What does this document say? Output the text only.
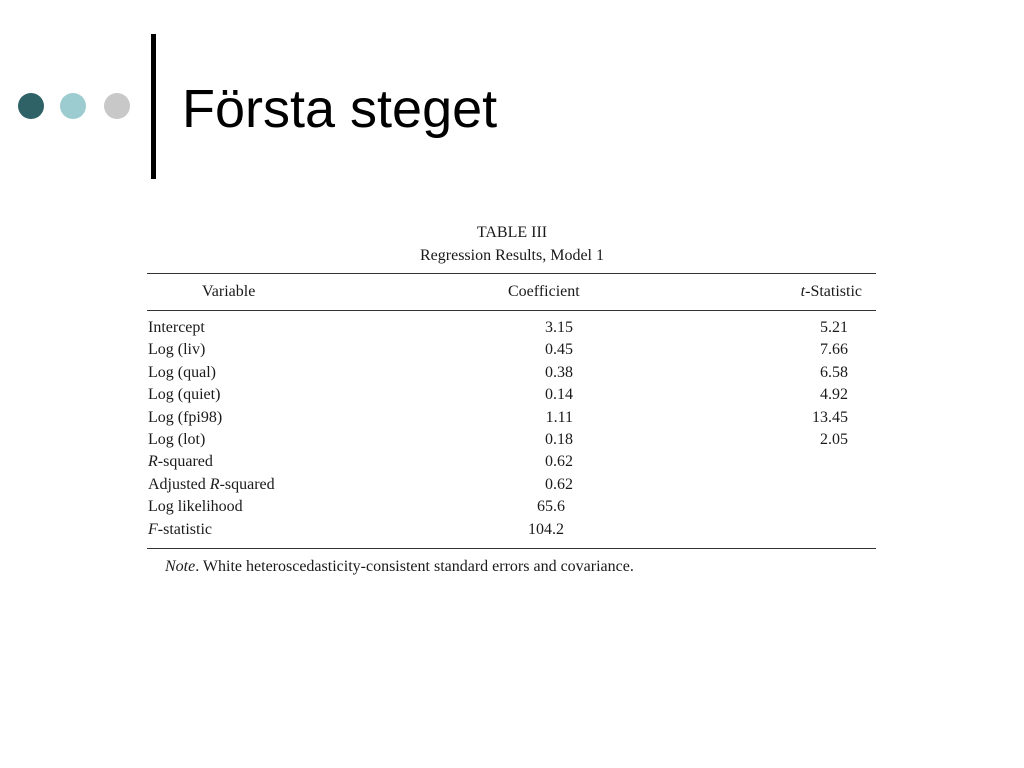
Första steget
TABLE III
Regression Results, Model 1
Variable	Coefficient	t-Statistic
Intercept	3.15	5.21
Log (liv)	0.45	7.66
Log (qual)	0.38	6.58
Log (quiet)	0.14	4.92
Log (fpi98)	1.11	13.45
Log (lot)	0.18	2.05
R-squared	0.62
Adjusted R-squared	0.62
Log likelihood	65.6
F-statistic	104.2
Note. White heteroscedasticity-consistent standard errors and covariance.
